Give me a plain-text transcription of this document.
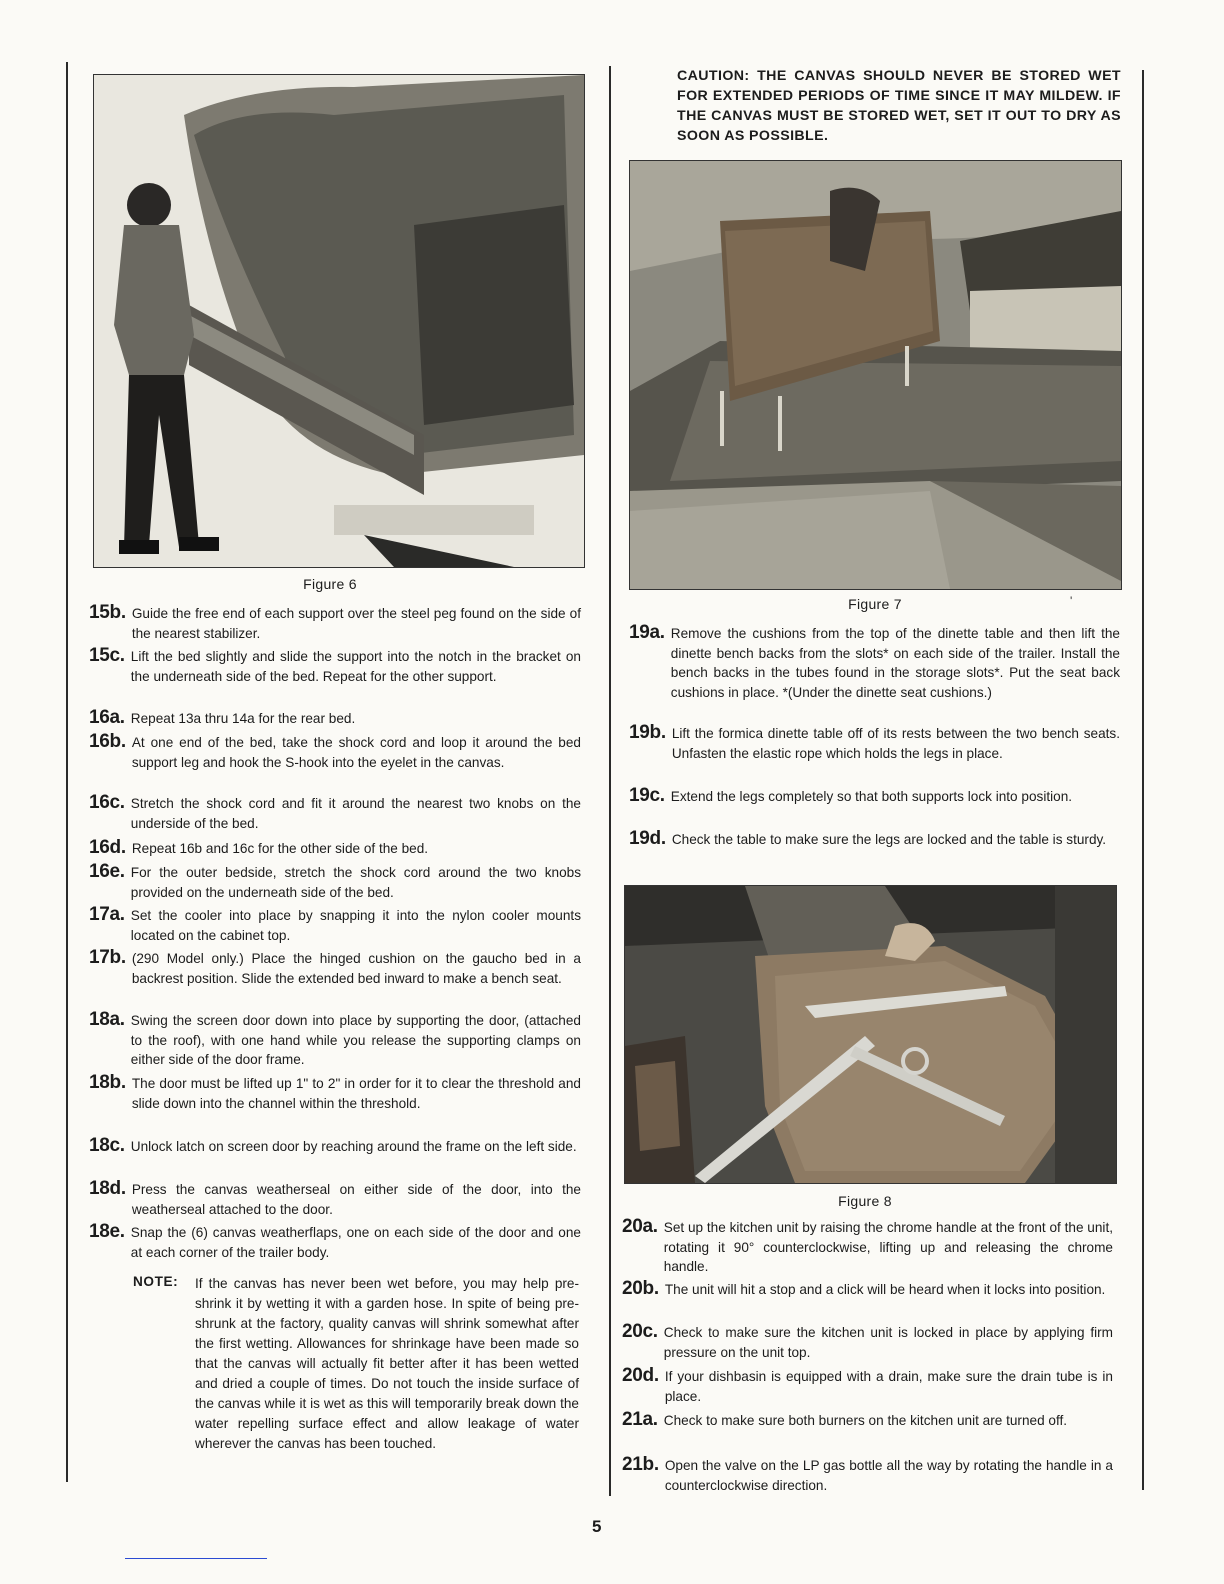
Figure 6
15b. Guide the free end of each support over the steel peg found on the side of the nearest stabilizer.
15c. Lift the bed slightly and slide the support into the notch in the bracket on the underneath side of the bed. Repeat for the other support.
16a. Repeat 13a thru 14a for the rear bed.
16b. At one end of the bed, take the shock cord and loop it around the bed support leg and hook the S-hook into the eyelet in the canvas.
16c. Stretch the shock cord and fit it around the nearest two knobs on the underside of the bed.
16d. Repeat 16b and 16c for the other side of the bed.
16e. For the outer bedside, stretch the shock cord around the two knobs provided on the underneath side of the bed.
17a. Set the cooler into place by snapping it into the nylon cooler mounts located on the cabinet top.
17b. (290 Model only.) Place the hinged cushion on the gaucho bed in a backrest position. Slide the extended bed inward to make a bench seat.
18a. Swing the screen door down into place by supporting the door, (attached to the roof), with one hand while you release the supporting clamps on either side of the door frame.
18b. The door must be lifted up 1" to 2" in order for it to clear the threshold and slide down into the channel within the threshold.
18c. Unlock latch on screen door by reaching around the frame on the left side.
18d. Press the canvas weatherseal on either side of the door, into the weatherseal attached to the door.
18e. Snap the (6) canvas weatherflaps, one on each side of the door and one at each corner of the trailer body.
NOTE:	If the canvas has never been wet before, you may help pre-shrink it by wetting it with a garden hose. In spite of being pre-shrunk at the factory, quality canvas will shrink somewhat after the first wetting. Allowances for shrinkage have been made so that the canvas will actually fit better after it has been wetted and dried a couple of times. Do not touch the inside surface of the canvas while it is wet as this will temporarily break down the water repelling surface effect and allow leakage of water wherever the canvas has been touched.
CAUTION: THE CANVAS SHOULD NEVER BE STORED WET FOR EXTENDED PERIODS OF TIME SINCE IT MAY MILDEW. IF THE CANVAS MUST BE STORED WET, SET IT OUT TO DRY AS SOON AS POSSIBLE.
Figure 7	'
19a. Remove the cushions from the top of the dinette table and then lift the dinette bench backs from the slots* on each side of the trailer. Install the bench backs in the tubes found in the storage slots*. Put the seat back cushions in place. *(Under the dinette seat cushions.)
19b. Lift the formica dinette table off of its rests between the two bench seats. Unfasten the elastic rope which holds the legs in place.
19c. Extend the legs completely so that both supports lock into position.
19d. Check the table to make sure the legs are locked and the table is sturdy.
Figure 8
20a. Set up the kitchen unit by raising the chrome handle at the front of the unit, rotating it 90° counterclockwise, lifting up and releasing the chrome handle.
20b. The unit will hit a stop and a click will be heard when it locks into position.
20c. Check to make sure the kitchen unit is locked in place by applying firm pressure on the unit top.
20d. If your dishbasin is equipped with a drain, make sure the drain tube is in place.
21a. Check to make sure both burners on the kitchen unit are turned off.
21b. Open the valve on the LP gas bottle all the way by rotating the handle in a counterclockwise direction.
5
